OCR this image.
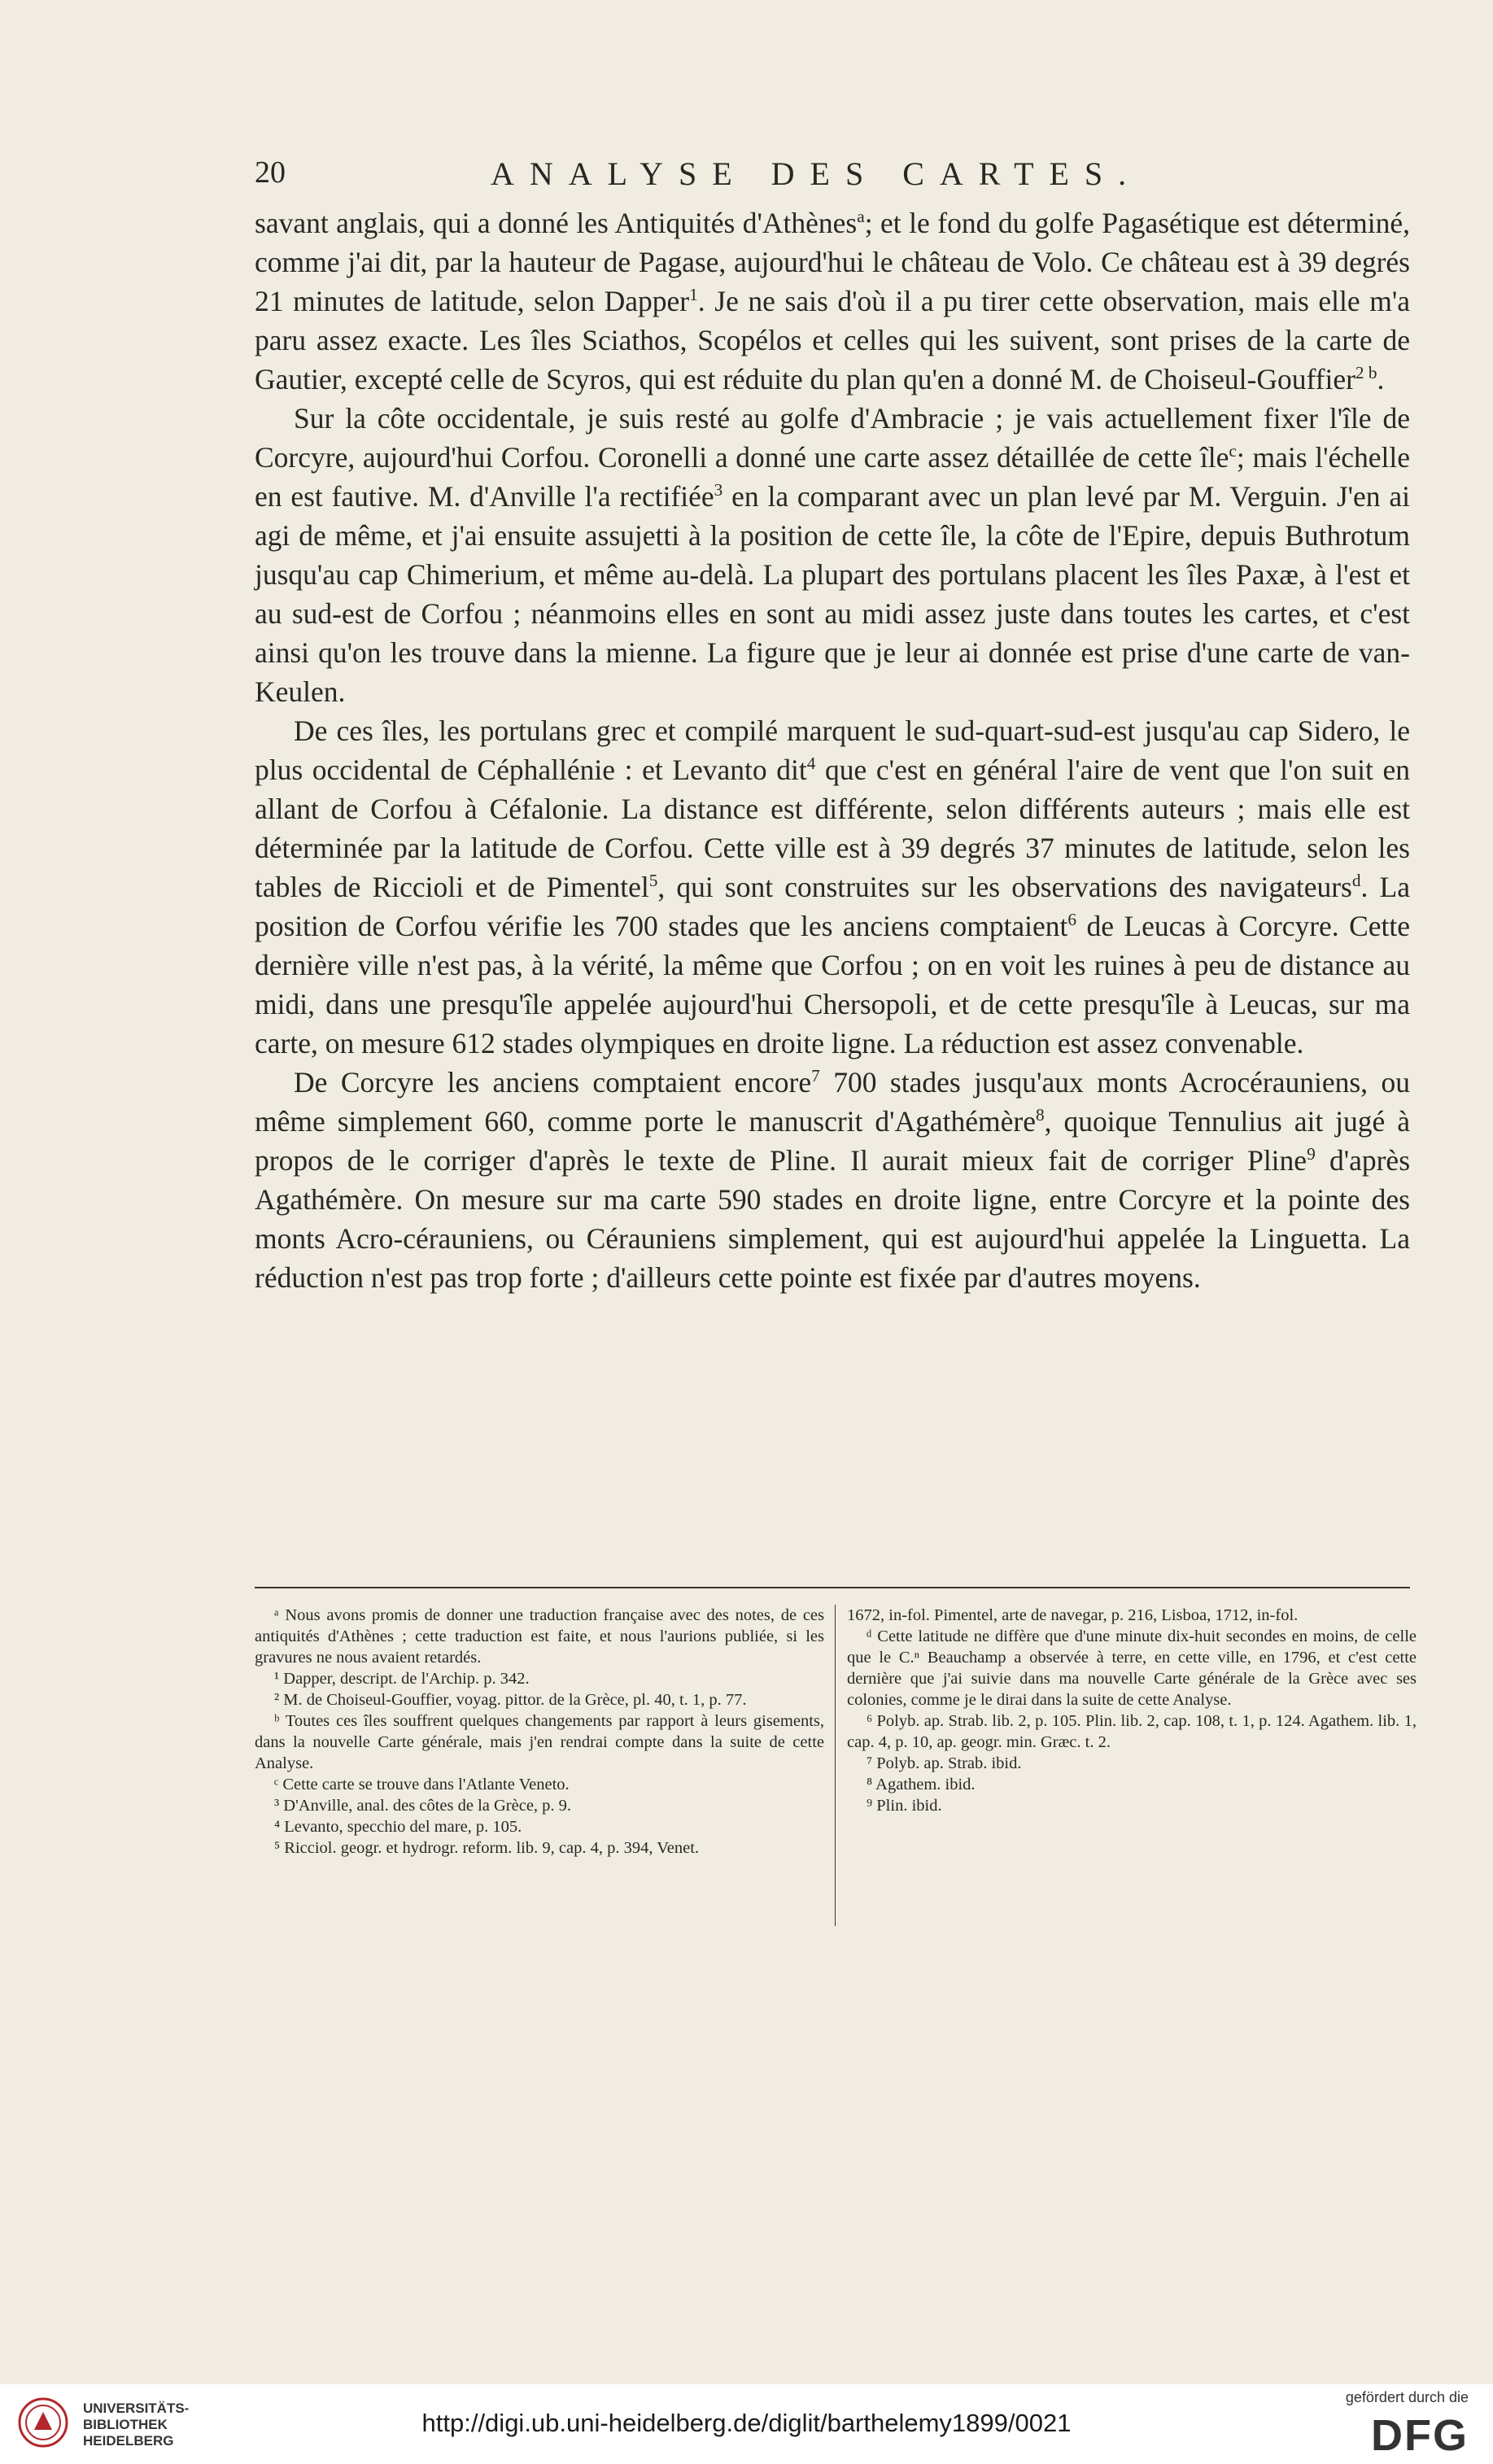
20	ANALYSE DES CARTES.

savant anglais, qui a donné les Antiquités d'Athènes$^a$; et le fond du golfe Pagasétique est déterminé, comme j'ai dit, par la hauteur de Pagase, aujourd'hui le château de Volo. Ce château est à 39 degrés 21 minutes de latitude, selon Dapper$^1$. Je ne sais d'où il a pu tirer cette observation, mais elle m'a paru assez exacte. Les îles Sciathos, Scopélos et celles qui les suivent, sont prises de la carte de Gautier, excepté celle de Scyros, qui est réduite du plan qu'en a donné M. de Choiseul-Gouffier$^{2 b}$.

Sur la côte occidentale, je suis resté au golfe d'Ambracie ; je vais actuellement fixer l'île de Corcyre, aujourd'hui Corfou. Coronelli a donné une carte assez détaillée de cette île$^c$; mais l'échelle en est fautive. M. d'Anville l'a rectifiée$^3$ en la comparant avec un plan levé par M. Verguin. J'en ai agi de même, et j'ai ensuite assujetti à la position de cette île, la côte de l'Epire, depuis Buthrotum jusqu'au cap Chimerium, et même au-delà. La plupart des portulans placent les îles Paxæ, à l'est et au sud-est de Corfou ; néanmoins elles en sont au midi assez juste dans toutes les cartes, et c'est ainsi qu'on les trouve dans la mienne. La figure que je leur ai donnée est prise d'une carte de van-Keulen.

De ces îles, les portulans grec et compilé marquent le sud-quart-sud-est jusqu'au cap Sidero, le plus occidental de Céphallénie : et Levanto dit$^4$ que c'est en général l'aire de vent que l'on suit en allant de Corfou à Céfalonie. La distance est différente, selon différents auteurs ; mais elle est déterminée par la latitude de Corfou. Cette ville est à 39 degrés 37 minutes de latitude, selon les tables de Riccioli et de Pimentel$^5$, qui sont construites sur les observations des navigateurs$^d$. La position de Corfou vérifie les 700 stades que les anciens comptaient$^6$ de Leucas à Corcyre. Cette dernière ville n'est pas, à la vérité, la même que Corfou ; on en voit les ruines à peu de distance au midi, dans une presqu'île appelée aujourd'hui Chersopoli, et de cette presqu'île à Leucas, sur ma carte, on mesure 612 stades olympiques en droite ligne. La réduction est assez convenable.

De Corcyre les anciens comptaient encore$^7$ 700 stades jusqu'aux monts Acrocérauniens, ou même simplement 660, comme porte le manuscrit d'Agathémère$^8$, quoique Tennulius ait jugé à propos de le corriger d'après le texte de Pline. Il aurait mieux fait de corriger Pline$^9$ d'après Agathémère. On mesure sur ma carte 590 stades en droite ligne, entre Corcyre et la pointe des monts Acro-cérauniens, ou Cérauniens simplement, qui est aujourd'hui appelée la Linguetta. La réduction n'est pas trop forte ; d'ailleurs cette pointe est fixée par d'autres moyens.

ᵃ Nous avons promis de donner une traduction française avec des notes, de ces antiquités d'Athènes ; cette traduction est faite, et nous l'aurions publiée, si les gravures ne nous avaient retardés.

¹ Dapper, descript. de l'Archip. p. 342.

² M. de Choiseul-Gouffier, voyag. pittor. de la Grèce, pl. 40, t. 1, p. 77.

ᵇ Toutes ces îles souffrent quelques changements par rapport à leurs gisements, dans la nouvelle Carte générale, mais j'en rendrai compte dans la suite de cette Analyse.

ᶜ Cette carte se trouve dans l'Atlante Veneto.

³ D'Anville, anal. des côtes de la Grèce, p. 9.

⁴ Levanto, specchio del mare, p. 105.

⁵ Ricciol. geogr. et hydrogr. reform. lib. 9, cap. 4, p. 394, Venet.

1672, in-fol. Pimentel, arte de navegar, p. 216, Lisboa, 1712, in-fol.

ᵈ Cette latitude ne diffère que d'une minute dix-huit secondes en moins, de celle que le C.ⁿ Beauchamp a observée à terre, en cette ville, en 1796, et c'est cette dernière que j'ai suivie dans ma nouvelle Carte générale de la Grèce avec ses colonies, comme je le dirai dans la suite de cette Analyse.

⁶ Polyb. ap. Strab. lib. 2, p. 105. Plin. lib. 2, cap. 108, t. 1, p. 124. Agathem. lib. 1, cap. 4, p. 10, ap. geogr. min. Græc. t. 2.

⁷ Polyb. ap. Strab. ibid.

⁸ Agathem. ibid.

⁹ Plin. ibid.

UNIVERSITÄTS-
BIBLIOTHEK
HEIDELBERG
http://digi.ub.uni-heidelberg.de/diglit/barthelemy1899/0021
gefördert durch die
DFG
